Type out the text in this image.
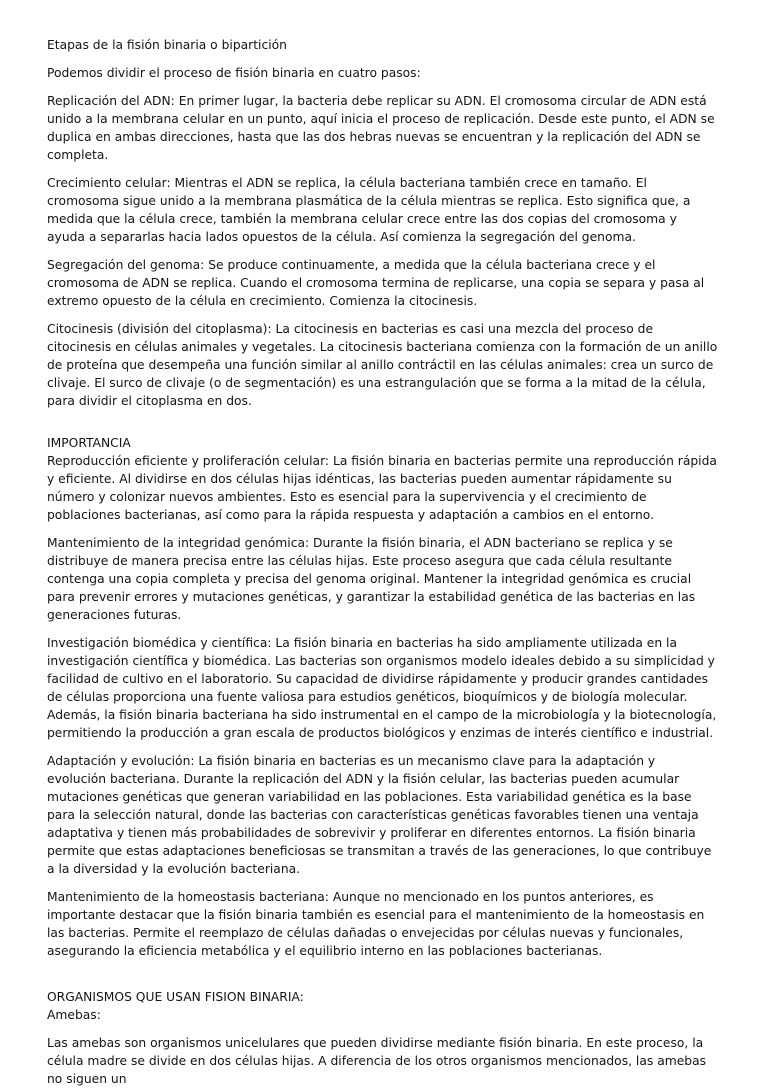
Etapas de la fisión binaria o bipartición

Podemos dividir el proceso de fisión binaria en cuatro pasos:

Replicación del ADN: En primer lugar, la bacteria debe replicar su ADN. El cromosoma circular de ADN está unido a la membrana celular en un punto, aquí inicia el proceso de replicación. Desde este punto, el ADN se duplica en ambas direcciones, hasta que las dos hebras nuevas se encuentran y la replicación del ADN se completa.

Crecimiento celular: Mientras el ADN se replica, la célula bacteriana también crece en tamaño. El cromosoma sigue unido a la membrana plasmática de la célula mientras se replica. Esto significa que, a medida que la célula crece, también la membrana celular crece entre las dos copias del cromosoma y ayuda a separarlas hacia lados opuestos de la célula. Así comienza la segregación del genoma.

Segregación del genoma: Se produce continuamente, a medida que la célula bacteriana crece y el cromosoma de ADN se replica. Cuando el cromosoma termina de replicarse, una copia se separa y pasa al extremo opuesto de la célula en crecimiento. Comienza la citocinesis.

Citocinesis (división del citoplasma): La citocinesis en bacterias es casi una mezcla del proceso de citocinesis en células animales y vegetales. La citocinesis bacteriana comienza con la formación de un anillo de proteína que desempeña una función similar al anillo contráctil en las células animales: crea un surco de clivaje. El surco de clivaje (o de segmentación) es una estrangulación que se forma a la mitad de la célula, para dividir el citoplasma en dos.

IMPORTANCIA

Reproducción eficiente y proliferación celular: La fisión binaria en bacterias permite una reproducción rápida y eficiente. Al dividirse en dos células hijas idénticas, las bacterias pueden aumentar rápidamente su número y colonizar nuevos ambientes. Esto es esencial para la supervivencia y el crecimiento de poblaciones bacterianas, así como para la rápida respuesta y adaptación a cambios en el entorno.

Mantenimiento de la integridad genómica: Durante la fisión binaria, el ADN bacteriano se replica y se distribuye de manera precisa entre las células hijas. Este proceso asegura que cada célula resultante contenga una copia completa y precisa del genoma original. Mantener la integridad genómica es crucial para prevenir errores y mutaciones genéticas, y garantizar la estabilidad genética de las bacterias en las generaciones futuras.

Investigación biomédica y científica: La fisión binaria en bacterias ha sido ampliamente utilizada en la investigación científica y biomédica. Las bacterias son organismos modelo ideales debido a su simplicidad y facilidad de cultivo en el laboratorio. Su capacidad de dividirse rápidamente y producir grandes cantidades de células proporciona una fuente valiosa para estudios genéticos, bioquímicos y de biología molecular. Además, la fisión binaria bacteriana ha sido instrumental en el campo de la microbiología y la biotecnología, permitiendo la producción a gran escala de productos biológicos y enzimas de interés científico e industrial.

Adaptación y evolución: La fisión binaria en bacterias es un mecanismo clave para la adaptación y evolución bacteriana. Durante la replicación del ADN y la fisión celular, las bacterias pueden acumular mutaciones genéticas que generan variabilidad en las poblaciones. Esta variabilidad genética es la base para la selección natural, donde las bacterias con características genéticas favorables tienen una ventaja adaptativa y tienen más probabilidades de sobrevivir y proliferar en diferentes entornos. La fisión binaria permite que estas adaptaciones beneficiosas se transmitan a través de las generaciones, lo que contribuye a la diversidad y la evolución bacteriana.

Mantenimiento de la homeostasis bacteriana: Aunque no mencionado en los puntos anteriores, es importante destacar que la fisión binaria también es esencial para el mantenimiento de la homeostasis en las bacterias. Permite el reemplazo de células dañadas o envejecidas por células nuevas y funcionales, asegurando la eficiencia metabólica y el equilibrio interno en las poblaciones bacterianas.

ORGANISMOS QUE USAN FISION BINARIA:

Amebas:

Las amebas son organismos unicelulares que pueden dividirse mediante fisión binaria. En este proceso, la célula madre se divide en dos células hijas. A diferencia de los otros organismos mencionados, las amebas no siguen un
